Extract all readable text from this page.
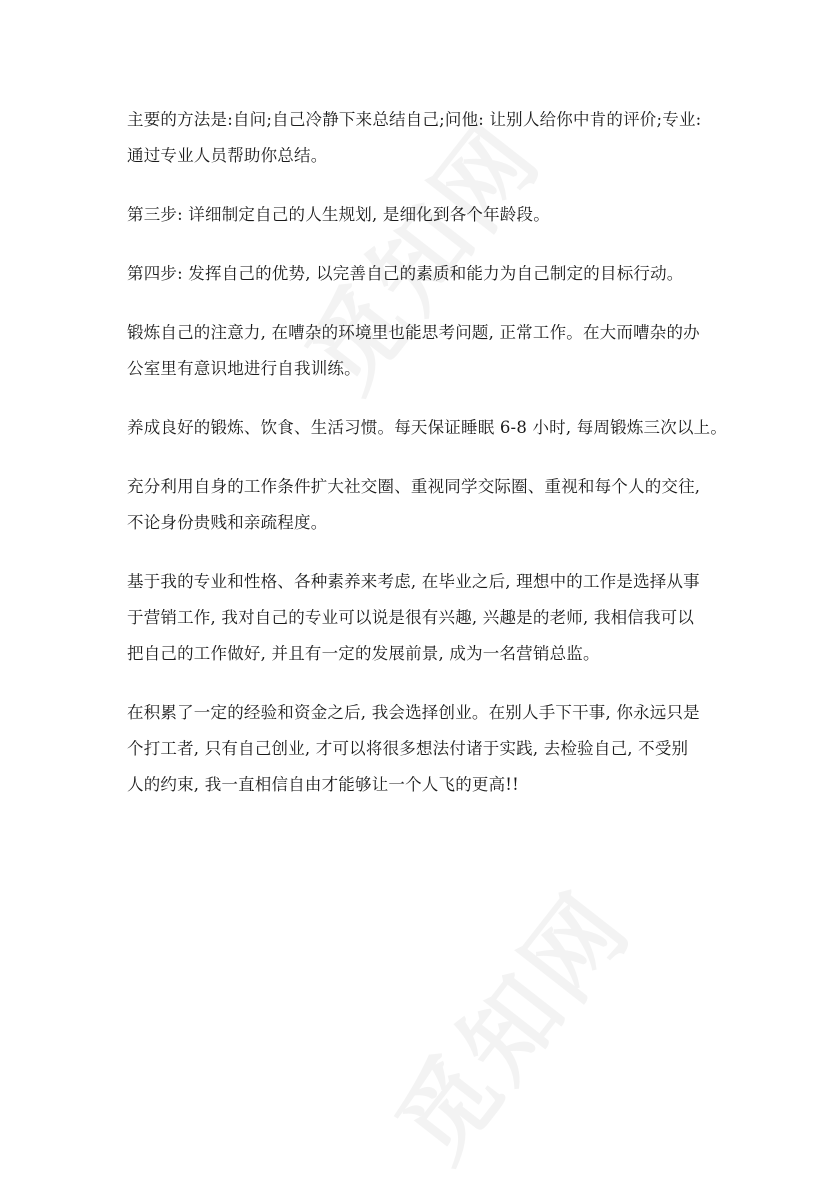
主要的方法是:自问;自己冷静下来总结自己;问他: 让别人给你中肯的评价;专业:
通过专业人员帮助你总结。

第三步: 详细制定自己的人生规划, 是细化到各个年龄段。

第四步: 发挥自己的优势, 以完善自己的素质和能力为自己制定的目标行动。

锻炼自己的注意力, 在嘈杂的环境里也能思考问题, 正常工作。在大而嘈杂的办
公室里有意识地进行自我训练。

养成良好的锻炼、饮食、生活习惯。每天保证睡眠 6-8 小时, 每周锻炼三次以上。

充分利用自身的工作条件扩大社交圈、重视同学交际圈、重视和每个人的交往,
不论身份贵贱和亲疏程度。

基于我的专业和性格、各种素养来考虑, 在毕业之后, 理想中的工作是选择从事
于营销工作, 我对自己的专业可以说是很有兴趣, 兴趣是的老师, 我相信我可以
把自己的工作做好, 并且有一定的发展前景, 成为一名营销总监。

在积累了一定的经验和资金之后, 我会选择创业。在别人手下干事, 你永远只是
个打工者, 只有自己创业, 才可以将很多想法付诸于实践, 去检验自己, 不受别
人的约束, 我一直相信自由才能够让一个人飞的更高!!
